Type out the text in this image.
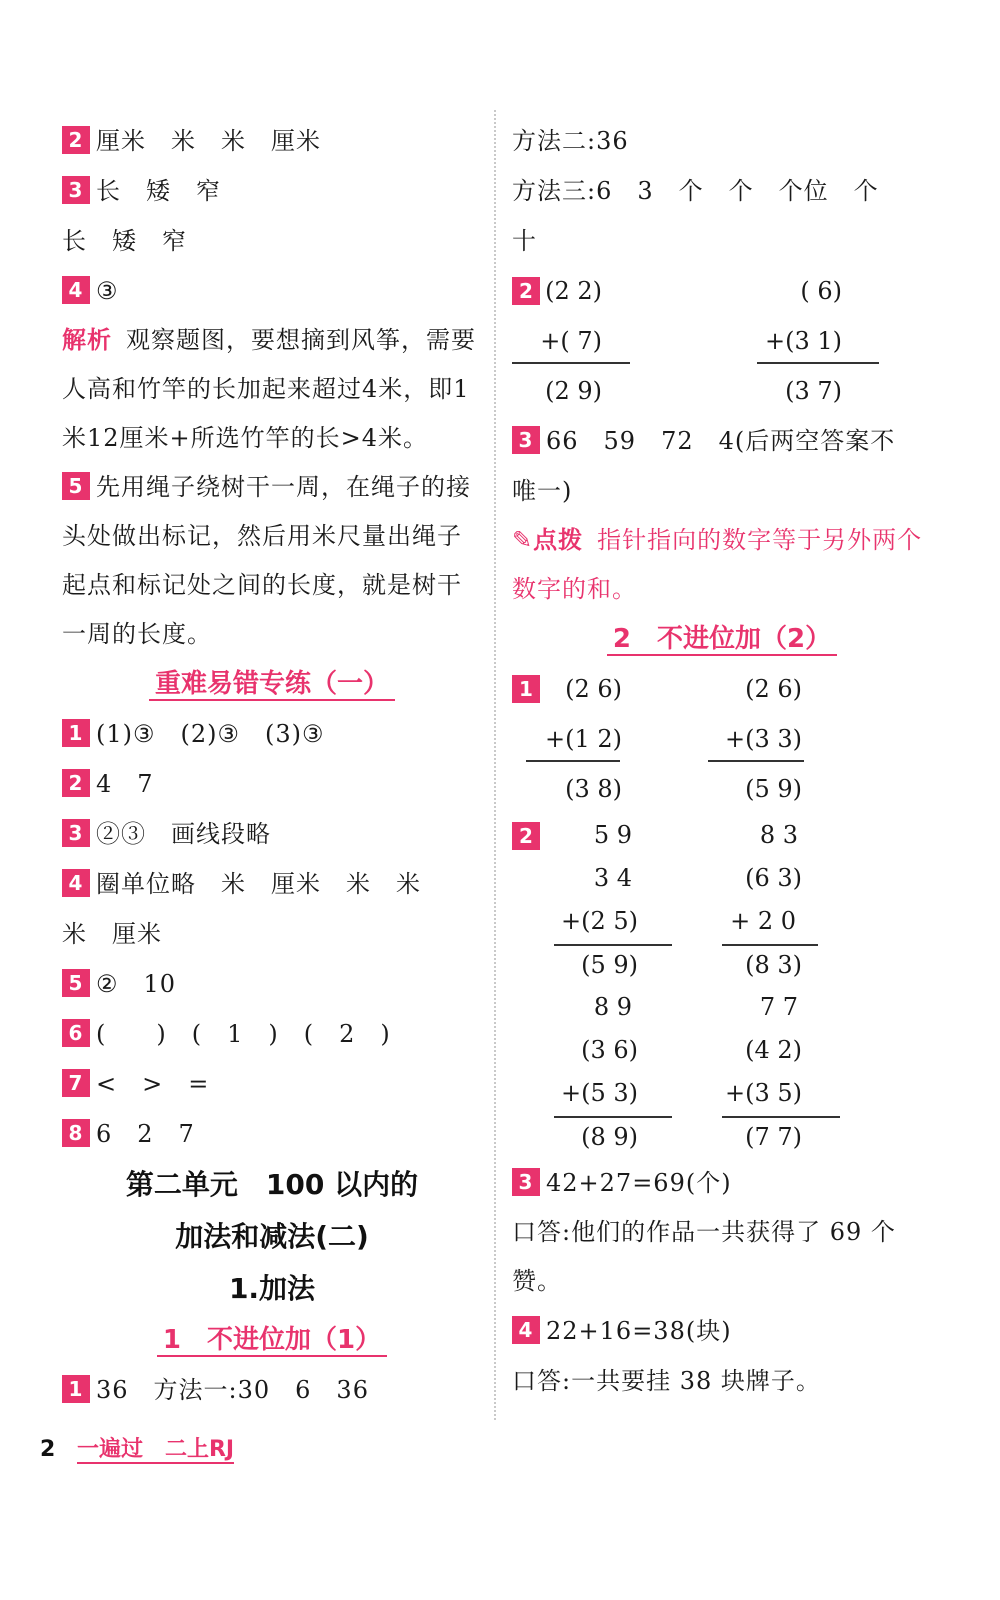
2 厘米　米　米　厘米
3 长　矮　窄
长　矮　窄
4 ③
解析 观察题图，要想摘到风筝，需要人高和竹竿的长加起来超过4米，即1米12厘米+所选竹竿的长>4米。
5 先用绳子绕树干一周，在绳子的接头处做出标记，然后用米尺量出绳子起点和标记处之间的长度，就是树干一周的长度。
重难易错专练（一）
1 (1)③　(2)③　(3)③
2 4　7
3 ②③　画线段略
4 圈单位略　米　厘米　米　米
米　厘米
5 ②　10
6 (　　)　(　1　)　(　2　)
7 <　>　=
8 6　2　7
第二单元　100 以内的
加法和减法(二)
1.加法
1　不进位加（1）
1 36　方法一:30　6　36
方法二:36
方法三:6　3　个　个　个位　个
十
2 (2 2)
+( 7)
(2 9)
( 6)
+(3 1)
(3 7)
3 66　59　72　4(后两空答案不
唯一)
✎点拨 指针指向的数字等于另外两个数字的和。
2　不进位加（2）
1	(2 6)
+(1 2)
(3 8)
(2 6)
+(3 3)
(5 9)
2	5 9
3 4
+(2 5)
(5 9)
8 3
(6 3)
+ 2 0
(8 3)
8 9
(3 6)
+(5 3)
(8 9)
7 7
(4 2)
+(3 5)
(7 7)
3 42+27=69(个)
口答:他们的作品一共获得了 69 个赞。
4 22+16=38(块)
口答:一共要挂 38 块牌子。
2 一遍过　二上RJ
